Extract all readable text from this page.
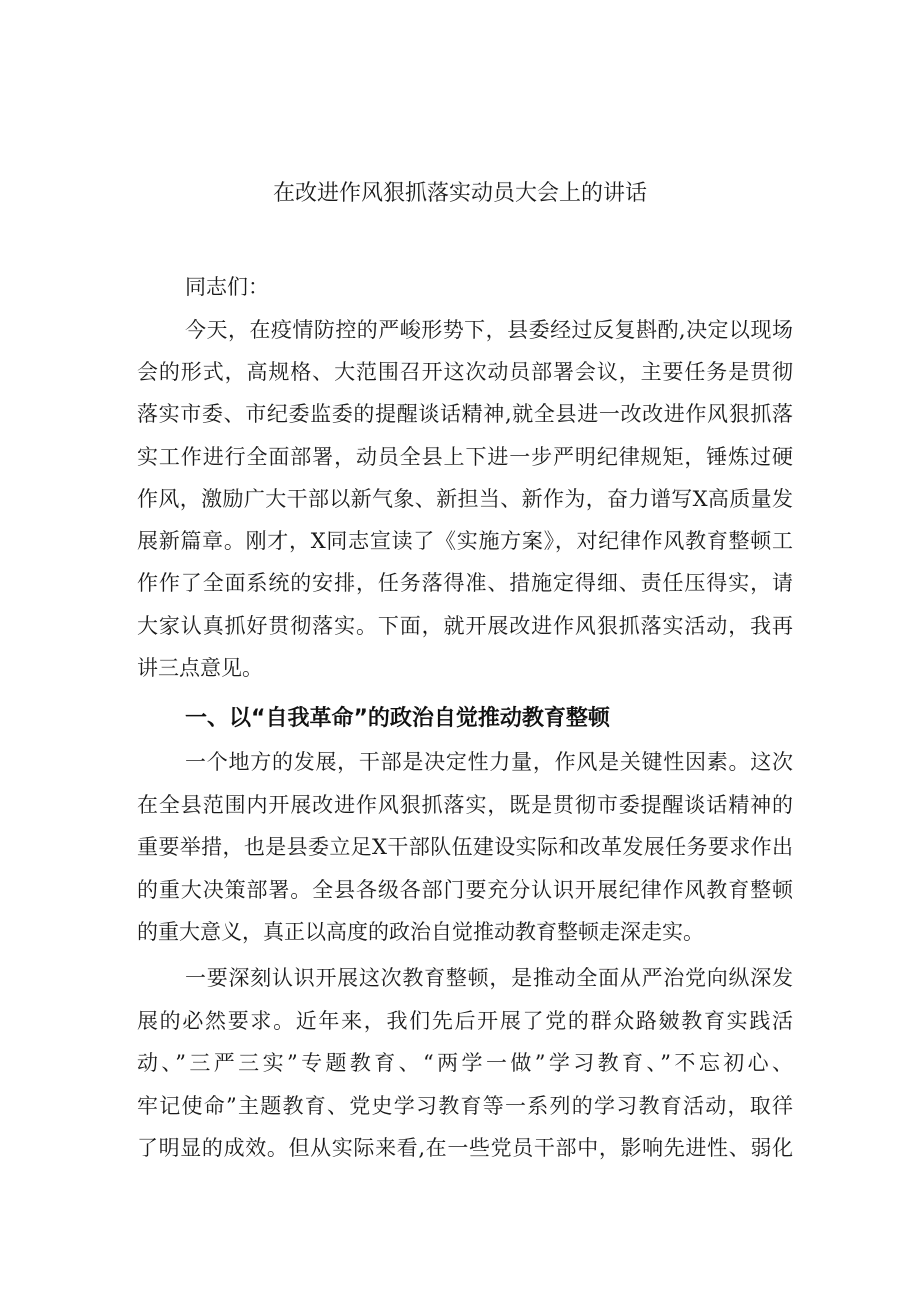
在改进作风狠抓落实动员大会上的讲话
同志们：
今天，在疫情防控的严峻形势下，县委经过反复斟酌,决定以现场
会的形式，高规格、大范围召开这次动员部署会议，主要任务是贯彻
落实市委、市纪委监委的提醒谈话精神,就全县进一改改进作风狠抓落
实工作进行全面部署，动员全县上下进一步严明纪律规矩，锤炼过硬
作风，激励广大干部以新气象、新担当、新作为，奋力谱写X高质量发
展新篇章。刚才，X同志宣读了《实施方案》，对纪律作风教育整顿工
作作了全面系统的安排，任务落得准、措施定得细、责任压得实，请
大家认真抓好贯彻落实。下面，就开展改进作风狠抓落实活动，我再
讲三点意见。
一、以“自我革命”的政治自觉推动教育整顿
一个地方的发展，干部是决定性力量，作风是关键性因素。这次
在全县范围内开展改进作风狠抓落实，既是贯彻市委提醒谈话精神的
重要举措，也是县委立足X干部队伍建设实际和改革发展任务要求作出
的重大决策部署。全县各级各部门要充分认识开展纪律作风教育整顿
的重大意义，真正以高度的政治自觉推动教育整顿走深走实。
一要深刻认识开展这次教育整顿，是推动全面从严治党向纵深发
展的必然要求。近年来，我们先后开展了党的群众路皴教育实践活
动、”三严三实”专题教育、“两学一做”学习教育、”不忘初心、
牢记使命”主题教育、党史学习教育等一系列的学习教育活动，取徉
了明显的成效。但从实际来看,在一些党员干部中，影响先进性、弱化
